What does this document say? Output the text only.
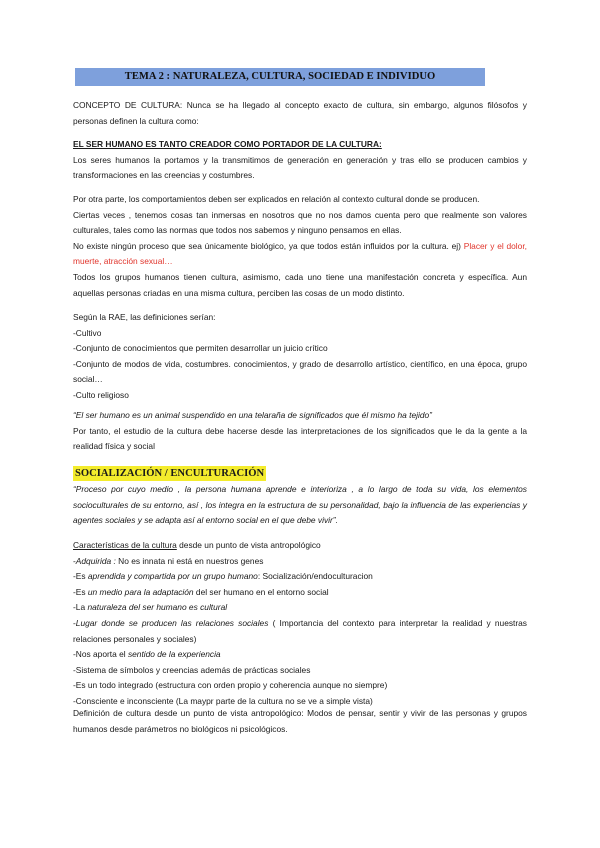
TEMA 2 : NATURALEZA, CULTURA, SOCIEDAD E INDIVIDUO
CONCEPTO DE CULTURA: Nunca se ha llegado al concepto exacto de cultura, sin embargo, algunos filósofos y personas definen la cultura como:
EL SER HUMANO ES TANTO CREADOR COMO PORTADOR DE LA CULTURA:
Los seres humanos la portamos y la transmitimos de generación en generación y tras ello se producen cambios y transformaciones en las creencias y costumbres.
Por otra parte, los comportamientos deben ser explicados en relación al contexto cultural donde se producen.
Ciertas veces , tenemos cosas tan inmersas en nosotros que no nos damos cuenta pero que realmente son valores culturales, tales como las normas que todos nos sabemos y ninguno pensamos en ellas.
No existe ningún proceso que sea únicamente biológico, ya que todos están influidos por la cultura. ej) Placer y el dolor, muerte, atracción sexual…
Todos los grupos humanos tienen cultura, asimismo, cada uno tiene una manifestación concreta y específica. Aun aquellas personas criadas en una misma cultura, perciben las cosas de un modo distinto.
Según la RAE, las definiciones serían:
-Cultivo
-Conjunto de conocimientos que permiten desarrollar un juicio crítico
-Conjunto de modos de vida, costumbres. conocimientos, y grado de desarrollo artístico, científico, en una época, grupo social…
-Culto religioso
“El ser humano es un animal suspendido en una telaraña de significados que él mismo ha tejido”
Por tanto, el estudio de la cultura debe hacerse desde las interpretaciones de los significados que le da la gente a la realidad física y social
SOCIALIZACIÓN / ENCULTURACIÓN
“Proceso por cuyo medio , la persona humana aprende e interioriza , a lo largo de toda su vida, los elementos socioculturales de su entorno, así , los integra en la estructura de su personalidad, bajo la influencia de las experiencias y agentes sociales y se adapta así al entorno social en el que debe vivir”.
Características de la cultura desde un punto de vista antropológico
-Adquirida : No es innata ni está en nuestros genes
-Es aprendida y compartida por un grupo humano: Socialización/endoculturacion
-Es un medio para la adaptación del ser humano en el entorno social
-La naturaleza del ser humano es cultural
-Lugar donde se producen las relaciones sociales ( Importancia del contexto para interpretar la realidad y nuestras relaciones personales y sociales)
-Nos aporta el sentido de la experiencia
-Sistema de símbolos y creencias además de prácticas sociales
-Es un todo integrado (estructura con orden propio y coherencia aunque no siempre)
-Consciente e inconsciente (La maypr parte de la cultura no se ve a simple vista)
Definición de cultura desde un punto de vista antropológico: Modos de pensar, sentir y vivir de las personas y grupos humanos desde parámetros no biológicos ni psicológicos.
